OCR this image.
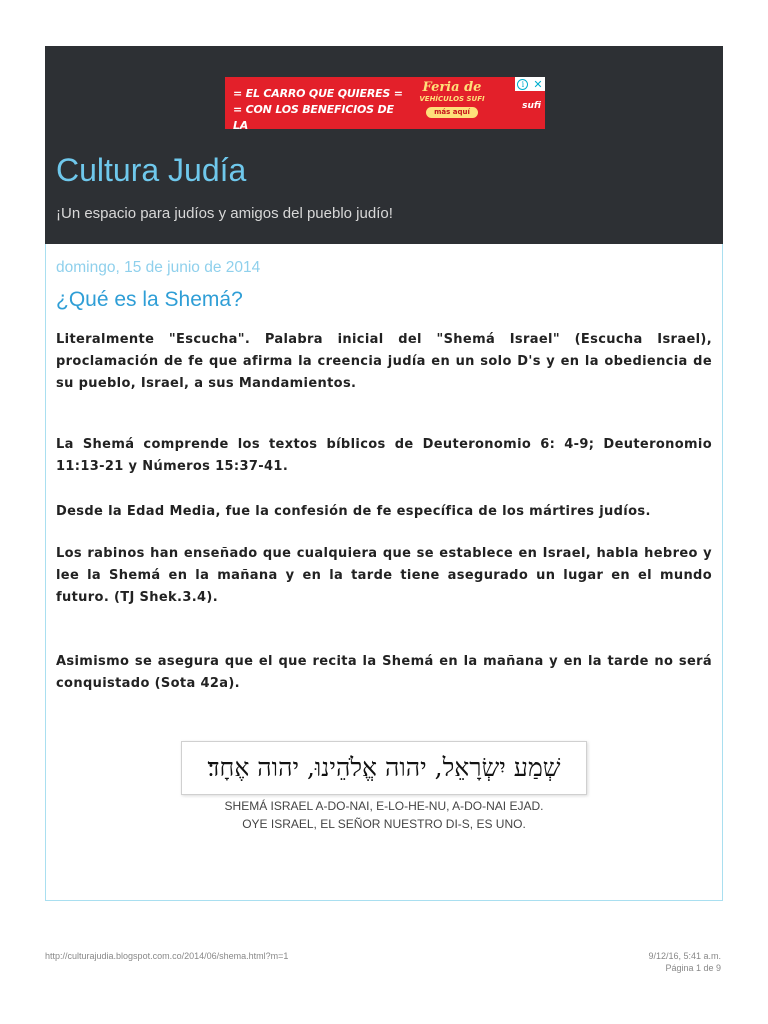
= EL CARRO QUE QUIERES =
= CON LOS BENEFICIOS DE LA
Feria de
VEHÍCULOS SUFI
más aquí
sufi
i ✕
Cultura Judía
¡Un espacio para judíos y amigos del pueblo judío!
domingo, 15 de junio de 2014
¿Qué es la Shemá?

Literalmente "Escucha". Palabra inicial del "Shemá Israel" (Escucha Israel), proclamación de fe que afirma la creencia judía en un solo D's y en la obediencia de su pueblo, Israel, a sus Mandamientos.

La Shemá comprende los textos bíblicos de Deuteronomio 6: 4-9; Deuteronomio 11:13-21 y Números 15:37-41.

Desde la Edad Media, fue la confesión de fe específica de los mártires judíos.

Los rabinos han enseñado que cualquiera que se establece en Israel, habla hebreo y lee la Shemá en la mañana y en la tarde tiene asegurado un lugar en el mundo futuro. (TJ Shek.3.4).

Asimismo se asegura que el que recita la Shemá en la mañana y en la tarde no será conquistado (Sota 42a).

שְׁמַע יִשְׂרָאֵל, יהוה אֱלֹהֵינוּ, יהוה אֶחָד׃
SHEMÁ ISRAEL A-DO-NAI, E-LO-HE-NU, A-DO-NAI EJAD.
OYE ISRAEL, EL SEÑOR NUESTRO DI-S, ES UNO.
http://culturajudia.blogspot.com.co/2014/06/shema.html?m=1	9/12/16, 5:41 a.m.
Página 1 de 9
